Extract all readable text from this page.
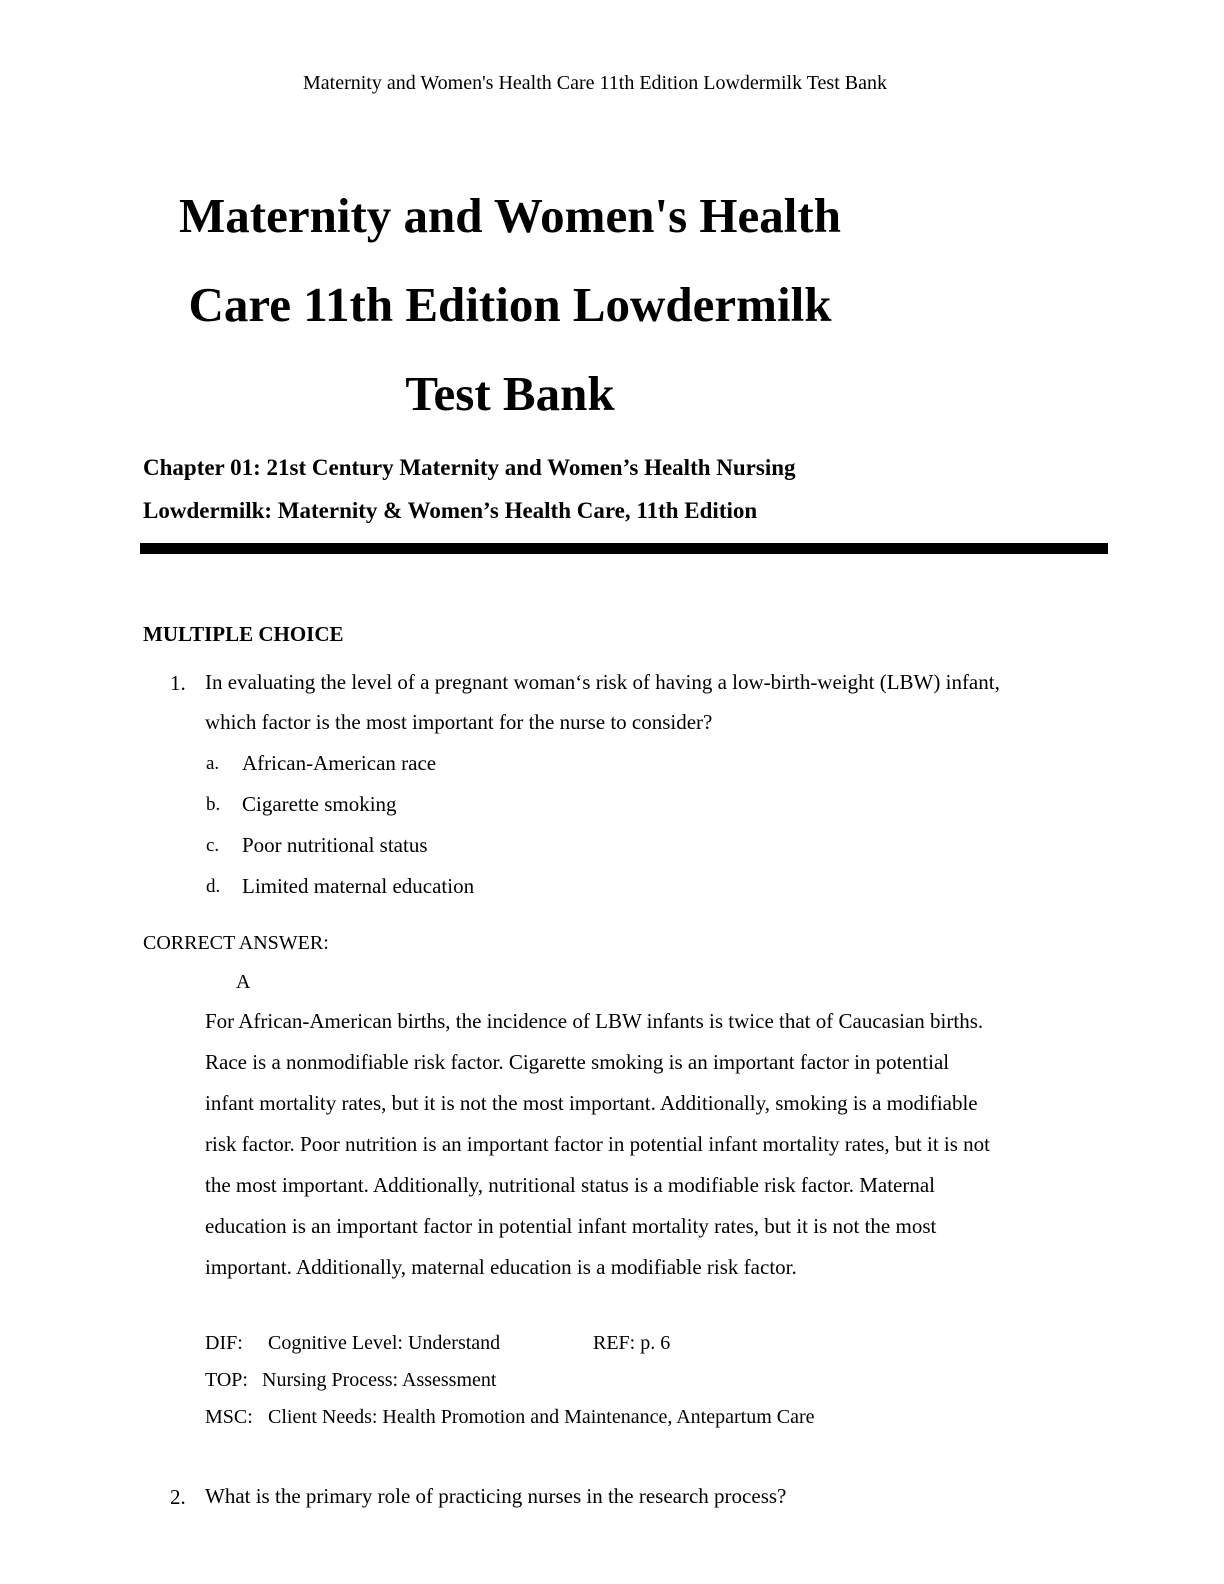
Maternity and Women's Health Care 11th Edition Lowdermilk Test Bank
Maternity and Women's Health
Care 11th Edition Lowdermilk
Test Bank
Chapter 01: 21st Century Maternity and Women’s Health Nursing
Lowdermilk: Maternity & Women’s Health Care, 11th Edition
MULTIPLE CHOICE
1. In evaluating the level of a pregnant woman‘s risk of having a low-birth-weight (LBW) infant,
which factor is the most important for the nurse to consider?
a. African-American race
b. Cigarette smoking
c. Poor nutritional status
d. Limited maternal education
CORRECT ANSWER:
A
For African-American births, the incidence of LBW infants is twice that of Caucasian births.
Race is a nonmodifiable risk factor. Cigarette smoking is an important factor in potential
infant mortality rates, but it is not the most important. Additionally, smoking is a modifiable
risk factor. Poor nutrition is an important factor in potential infant mortality rates, but it is not
the most important. Additionally, nutritional status is a modifiable risk factor. Maternal
education is an important factor in potential infant mortality rates, but it is not the most
important. Additionally, maternal education is a modifiable risk factor.
DIF: Cognitive Level: Understand	REF: p. 6
TOP: Nursing Process: Assessment
MSC: Client Needs: Health Promotion and Maintenance, Antepartum Care
2. What is the primary role of practicing nurses in the research process?
